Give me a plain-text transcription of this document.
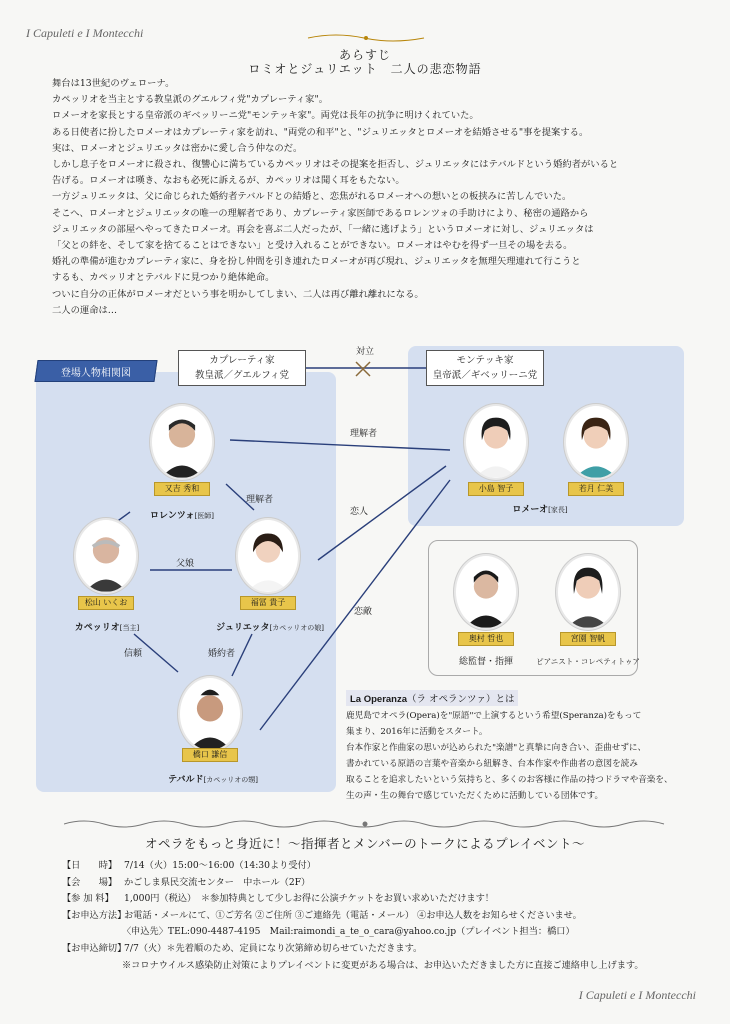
I Capuleti e I Montecchi
あらすじ
ロミオとジュリエット　二人の悲恋物語

舞台は13世紀のヴェローナ。

カペッリオを当主とする教皇派のグエルフィ党"カプレーティ家"。

ロメーオを家長とする皇帝派のギベッリーニ党"モンテッキ家"。両党は長年の抗争に明けくれていた。

ある日使者に扮したロメーオはカプレーティ家を訪れ、"両党の和平"と、"ジュリエッタとロメーオを結婚させる"事を提案する。

実は、ロメーオとジュリエッタは密かに愛し合う仲なのだ。

しかし息子をロメーオに殺され、復讐心に満ちているカペッリオはその提案を拒否し、ジュリエッタにはテバルドという婚約者がいると

告げる。ロメーオは嘆き、なおも必死に訴えるが、カペッリオは聞く耳をもたない。

一方ジュリエッタは、父に命じられた婚約者テバルドとの結婚と、恋焦がれるロメーオへの想いとの板挟みに苦しんでいた。

そこへ、ロメーオとジュリエッタの唯一の理解者であり、カプレーティ家医師であるロレンツォの手助けにより、秘密の通路から

ジュリエッタの部屋へやってきたロメーオ。再会を喜ぶ二人だったが、「一緒に逃げよう」というロメーオに対し、ジュリエッタは

「父との絆を、そして家を捨てることはできない」と受け入れることができない。ロメーオはやむを得ず一旦その場を去る。

婚礼の準備が進むカプレーティ家に、身を扮し仲間を引き連れたロメーオが再び現れ、ジュリエッタを無理矢理連れて行こうと

するも、カペッリオとテバルドに見つかり絶体絶命。

ついに自分の正体がロメーオだという事を明かしてしまい、二人は再び離れ離れになる。

二人の運命は…

登場人物相関図
カプレーティ家
教皇派／グエルフィ党
モンテッキ家
皇帝派／ギベッリーニ党
対立
理解者
理解者
恋人
恋敵
父娘
信頼	婚約者
又吉 秀和
ロレンツォ[医師]
松山 いくお
カペッリオ[当主]
福冨 貴子
ジュリエッタ[カペッリオの娘]
橋口 謙信
テバルド[カペッリオの甥]
小島 智子	若月 仁美
ロメーオ[家長]
奥村 哲也
総監督・指揮
宮園 智帆
ピアニスト・コレペティトゥア
La Operanza（ラ オペランツァ）とは

鹿児島でオペラ(Opera)を"原語"で上演するという希望(Speranza)をもって

集まり、2016年に活動をスタート。

台本作家と作曲家の思いが込められた"楽譜"と真摯に向き合い、歪曲せずに、

書かれている原語の言葉や音楽から紐解き、台本作家や作曲者の意図を読み

取ることを追求したいという気持ちと、多くのお客様に作品の持つドラマや音楽を、

生の声・生の舞台で感じていただくために活動している団体です。

オペラをもっと身近に！〜指揮者とメンバーのトークによるプレイベント〜
【日　　時】 7/14（火）15:00〜16:00（14:30より受付）
【会　　場】 かごしま県民交流センター　中ホール（2F）
【参 加 料】	1,000円（税込）　＊参加特典として少しお得に公演チケットをお買い求めいただけます！
【お申込方法】
お電話・メールにて、①ご芳名 ②ご住所 ③ご連絡先（電話・メール） ④お申込人数をお知らせくださいませ。
〈申込先〉TEL:090-4487-4195　Mail:raimondi_a_te_o_cara@yahoo.co.jp（プレイベント担当：橋口）
【お申込締切】
7/7（火）＊先着順のため、定員になり次第締め切らせていただきます。
※コロナウイルス感染防止対策によりプレイベントに変更がある場合は、お申込いただきました方に直接ご連絡申し上げます。
I Capuleti e I Montecchi
